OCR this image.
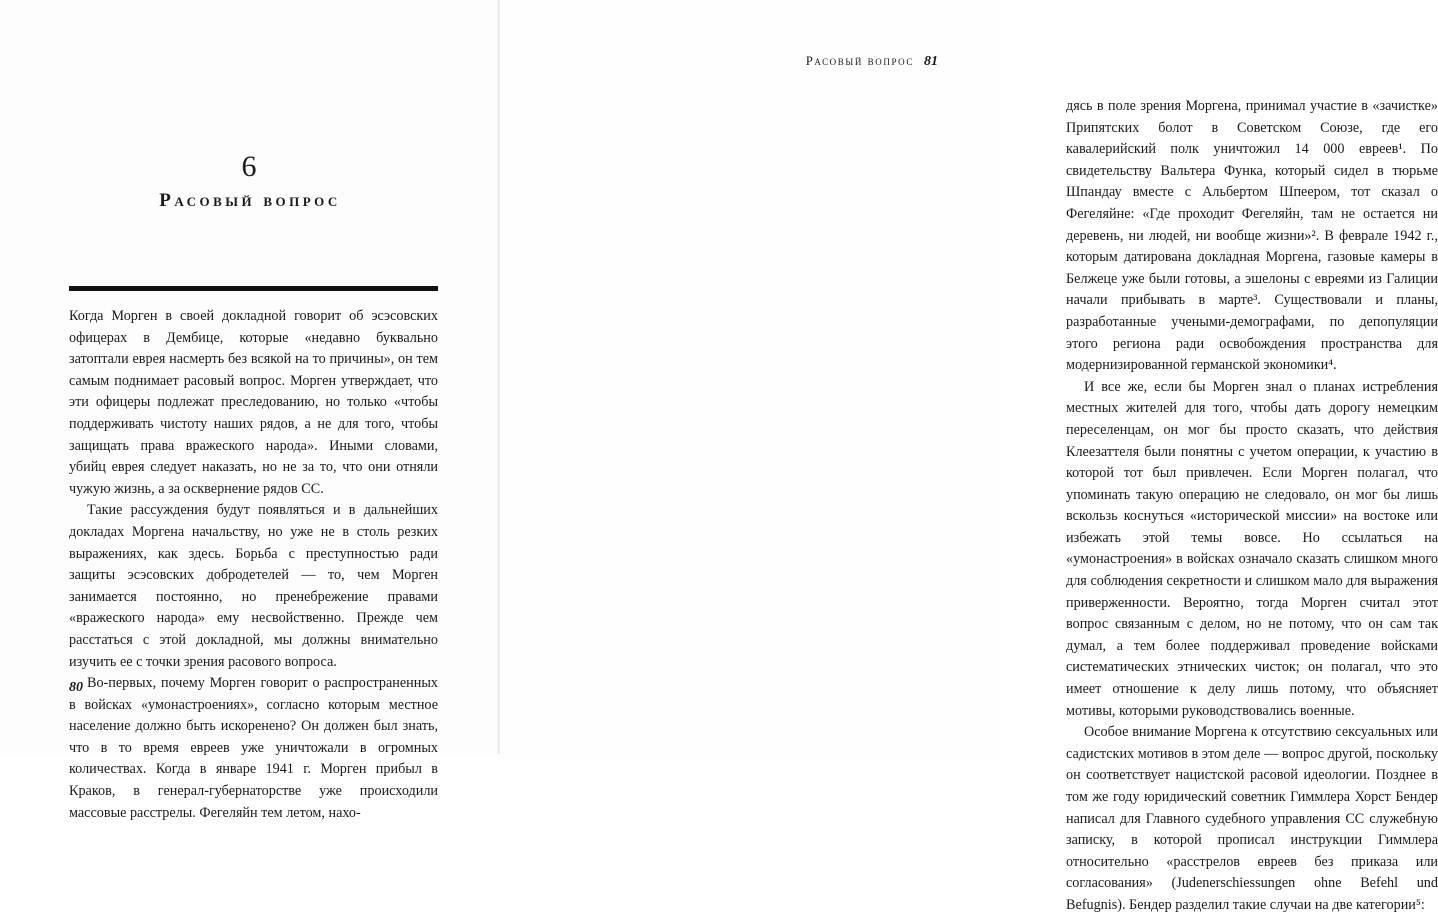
6
Расовый вопрос

Когда Морген в своей докладной говорит об эсэсовских офицерах в Дембице, которые «недавно буквально затоптали еврея насмерть без всякой на то причины», он тем самым поднимает расовый вопрос. Морген утверждает, что эти офицеры подлежат преследованию, но только «чтобы поддерживать чистоту наших рядов, а не для того, чтобы защищать права вражеского народа». Иными словами, убийц еврея следует наказать, но не за то, что они отняли чужую жизнь, а за осквернение рядов СС.

Такие рассуждения будут появляться и в дальнейших докладах Моргена начальству, но уже не в столь резких выражениях, как здесь. Борьба с преступностью ради защиты эсэсовских добродетелей — то, чем Морген занимается постоянно, но пренебрежение правами «вражеского народа» ему несвойственно. Прежде чем расстаться с этой докладной, мы должны внимательно изучить ее с точки зрения расового вопроса.

Во-первых, почему Морген говорит о распространенных в войсках «умонастроениях», согласно которым местное население должно быть искоренено? Он должен был знать, что в то время евреев уже уничтожали в огромных количествах. Когда в январе 1941 г. Морген прибыл в Краков, в генерал-губернаторстве уже происходили массовые расстрелы. Фегеляйн тем летом, нахо-

80
Расовый вопрос 81

дясь в поле зрения Моргена, принимал участие в «зачистке» Припятских болот в Советском Союзе, где его кавалерийский полк уничтожил 14 000 евреев¹. По свидетельству Вальтера Функа, который сидел в тюрьме Шпандау вместе с Альбертом Шпеером, тот сказал о Фегеляйне: «Где проходит Фегеляйн, там не остается ни деревень, ни людей, ни вообще жизни»². В феврале 1942 г., которым датирована докладная Моргена, газовые камеры в Белжеце уже были готовы, а эшелоны с евреями из Галиции начали прибывать в марте³. Существовали и планы, разработанные учеными-демографами, по депопуляции этого региона ради освобождения пространства для модернизированной германской экономики⁴.

И все же, если бы Морген знал о планах истребления местных жителей для того, чтобы дать дорогу немецким переселенцам, он мог бы просто сказать, что действия Клеезаттеля были понятны с учетом операции, к участию в которой тот был привлечен. Если Морген полагал, что упоминать такую операцию не следовало, он мог бы лишь вскользь коснуться «исторической миссии» на востоке или избежать этой темы вовсе. Но ссылаться на «умонастроения» в войсках означало сказать слишком много для соблюдения секретности и слишком мало для выражения приверженности. Вероятно, тогда Морген считал этот вопрос связанным с делом, но не потому, что он сам так думал, а тем более поддерживал проведение войсками систематических этнических чисток; он полагал, что это имеет отношение к делу лишь потому, что объясняет мотивы, которыми руководствовались военные.

Особое внимание Моргена к отсутствию сексуальных или садистских мотивов в этом деле — вопрос другой, поскольку он соответствует нацистской расовой идеологии. Позднее в том же году юридический советник Гиммлера Хорст Бендер написал для Главного судебного управления СС служебную записку, в которой прописал инструкции Гиммлера относительно «расстрелов евреев без приказа или согласования» (Judenerschiessungen ohne Befehl und Befugnis). Бендер разделил такие случаи на две категории⁵:
